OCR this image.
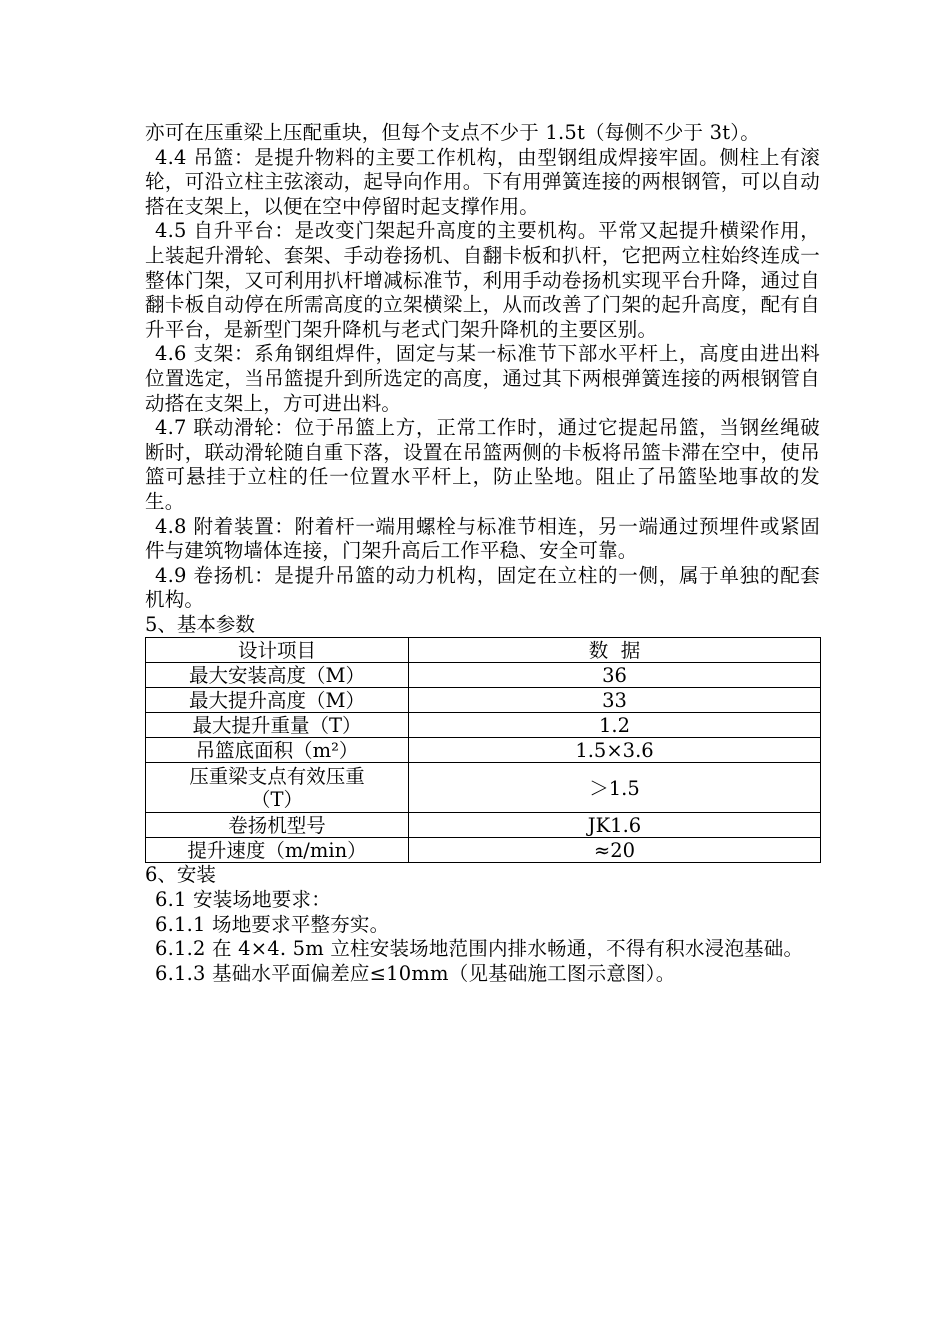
亦可在压重梁上压配重块，但每个支点不少于 1.5t（每侧不少于 3t）。

4.4 吊篮：是提升物料的主要工作机构，由型钢组成焊接牢固。侧柱上有滚轮，可沿立柱主弦滚动，起导向作用。下有用弹簧连接的两根钢管，可以自动搭在支架上，以便在空中停留时起支撑作用。

4.5 自升平台：是改变门架起升高度的主要机构。平常又起提升横梁作用，上装起升滑轮、套架、手动卷扬机、自翻卡板和扒杆，它把两立柱始终连成一整体门架，又可利用扒杆增减标准节，利用手动卷扬机实现平台升降，通过自翻卡板自动停在所需高度的立架横梁上，从而改善了门架的起升高度，配有自升平台，是新型门架升降机与老式门架升降机的主要区别。

4.6 支架：系角钢组焊件，固定与某一标准节下部水平杆上，高度由进出料位置选定，当吊篮提升到所选定的高度，通过其下两根弹簧连接的两根钢管自动搭在支架上，方可进出料。

4.7 联动滑轮：位于吊篮上方，正常工作时，通过它提起吊篮，当钢丝绳破断时，联动滑轮随自重下落，设置在吊篮两侧的卡板将吊篮卡滞在空中，使吊篮可悬挂于立柱的任一位置水平杆上，防止坠地。阻止了吊篮坠地事故的发生。

4.8 附着装置：附着杆一端用螺栓与标准节相连，另一端通过预埋件或紧固件与建筑物墙体连接，门架升高后工作平稳、安全可靠。

4.9 卷扬机：是提升吊篮的动力机构，固定在立柱的一侧，属于单独的配套机构。

5、基本参数

设计项目	数  据
最大安装高度（M）	36
最大提升高度（M）	33
最大提升重量（T）	1.2
吊篮底面积（m²）	1.5×3.6
压重梁支点有效压重（T）	＞1.5
卷扬机型号	JK1.6
提升速度（m/min）	≈20

6、安装

6.1 安装场地要求：

6.1.1 场地要求平整夯实。

6.1.2 在 4×4. 5m 立柱安装场地范围内排水畅通，不得有积水浸泡基础。

6.1.3 基础水平面偏差应≤10mm（见基础施工图示意图）。
